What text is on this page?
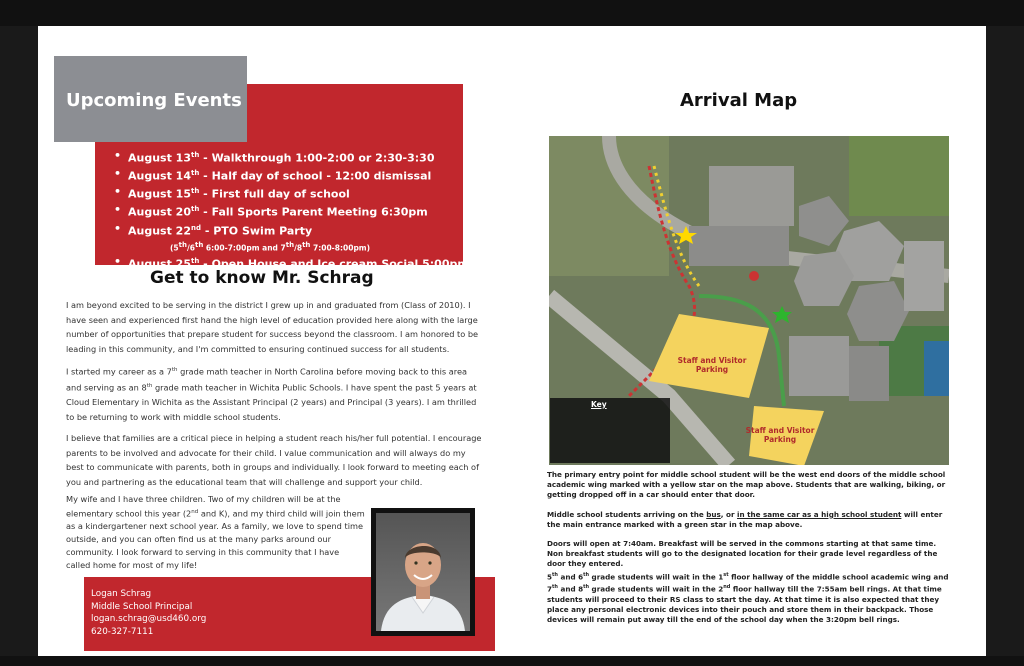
Upcoming Events
• August 13th - Walkthrough 1:00-2:00 or 2:30-3:30
• August 14th - Half day of school - 12:00 dismissal
• August 15th - First full day of school
• August 20th - Fall Sports Parent Meeting 6:30pm
• August 22nd - PTO Swim Party
(5th/6th 6:00-7:00pm and 7th/8th 7:00-8:00pm)
• August 25th - Open House and Ice cream Social 5:00pm
Get to know Mr. Schrag

I am beyond excited to be serving in the district I grew up in and graduated from (Class of 2010). I have seen and experienced first hand the high level of education provided here along with the large number of opportunities that prepare student for success beyond the classroom. I am honored to be leading in this community, and I'm committed to ensuring continued success for all students.

I started my career as a 7th grade math teacher in North Carolina before moving back to this area and serving as an 8th grade math teacher in Wichita Public Schools. I have spent the past 5 years at Cloud Elementary in Wichita as the Assistant Principal (2 years) and Principal (3 years). I am thrilled to be returning to work with middle school students.

I believe that families are a critical piece in helping a student reach his/her full potential. I encourage parents to be involved and advocate for their child. I value communication and will always do my best to communicate with parents, both in groups and individually. I look forward to meeting each of you and partnering as the educational team that will challenge and support your child.

My wife and I have three children. Two of my children will be at the elementary school this year (2nd and K), and my third child will join them as a kindergartener next school year. As a family, we love to spend time outside, and you can often find us at the many parks around our community. I look forward to serving in this community that I have called home for most of my life!
Logan Schrag
Middle School Principal
logan.schrag@usd460.org
620-327-7111
Arrival Map
Staff and Visitor Parking
Staff and Visitor Parking
Key

The primary entry point for middle school student will be the west end doors of the middle school academic wing marked with a yellow star on the map above. Students that are walking, biking, or getting dropped off in a car should enter that door.

Middle school students arriving on the bus, or in the same car as a high school student will enter the main entrance marked with a green star in the map above.

Doors will open at 7:40am. Breakfast will be served in the commons starting at that same time. Non breakfast students will go to the designated location for their grade level regardless of the door they entered.
5th and 6th grade students will wait in the 1st floor hallway of the middle school academic wing and 7th and 8th grade students will wait in the 2nd floor hallway till the 7:55am bell rings. At that time students will proceed to their RS class to start the day. At that time it is also expected that they place any personal electronic devices into their pouch and store them in their backpack. Those devices will remain put away till the end of the school day when the 3:20pm bell rings.
